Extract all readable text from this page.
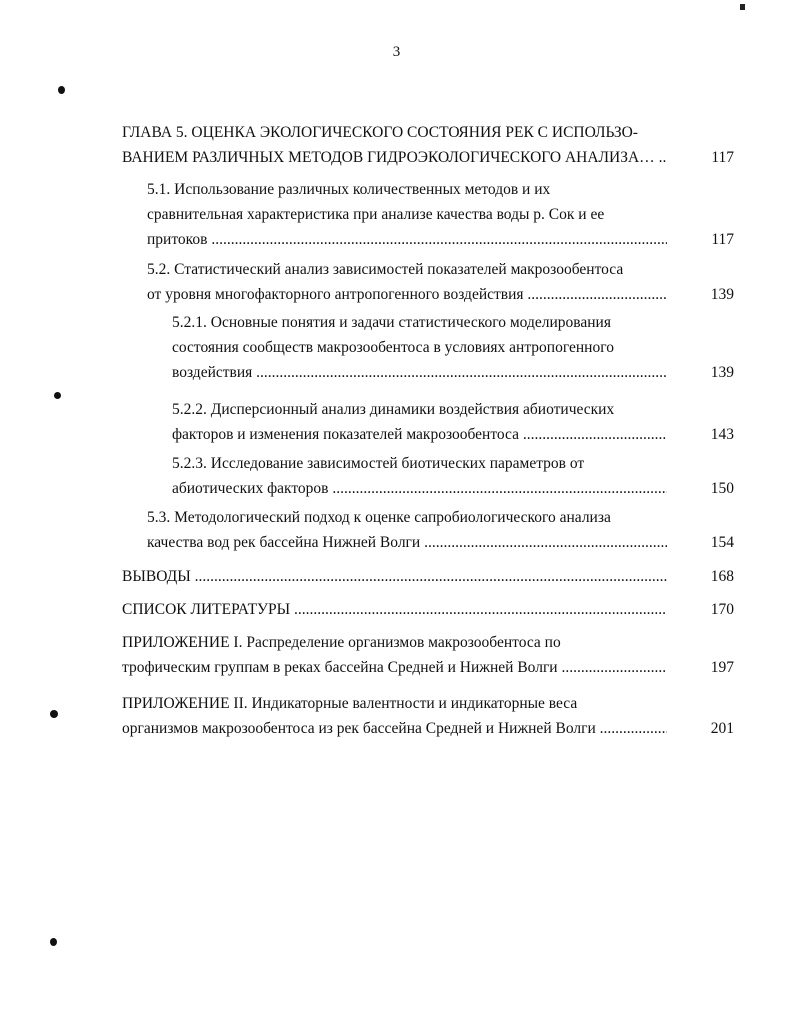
3
ГЛАВА 5. ОЦЕНКА ЭКОЛОГИЧЕСКОГО СОСТОЯНИЯ РЕК С ИСПОЛЬЗО-
ВАНИЕМ РАЗЛИЧНЫХ МЕТОДОВ ГИДРОЭКОЛОГИЧЕСКОГО АНАЛИЗА… .....	117
5.1. Использование различных количественных методов и их
сравнительная характеристика при анализе качества воды р. Сок и ее
притоков .....	117
5.2. Статистический анализ зависимостей показателей макрозообентоса
от уровня многофакторного антропогенного воздействия .....	139
5.2.1. Основные понятия и задачи статистического моделирования
состояния сообществ макрозообентоса в условиях антропогенного
воздействия .....	139
5.2.2. Дисперсионный анализ динамики воздействия абиотических
факторов и изменения показателей макрозообентоса .....	143
5.2.3. Исследование зависимостей биотических параметров от
абиотических факторов .....	150
5.3. Методологический подход к оценке сапробиологического анализа
качества вод рек бассейна Нижней Волги .....	154
ВЫВОДЫ .....	168
СПИСОК ЛИТЕРАТУРЫ .....	170
ПРИЛОЖЕНИЕ I. Распределение организмов макрозообентоса по
трофическим группам в реках бассейна Средней и Нижней Волги .....	197
ПРИЛОЖЕНИЕ II. Индикаторные валентности и индикаторные веса
организмов макрозообентоса из рек бассейна Средней и Нижней Волги .....	201
